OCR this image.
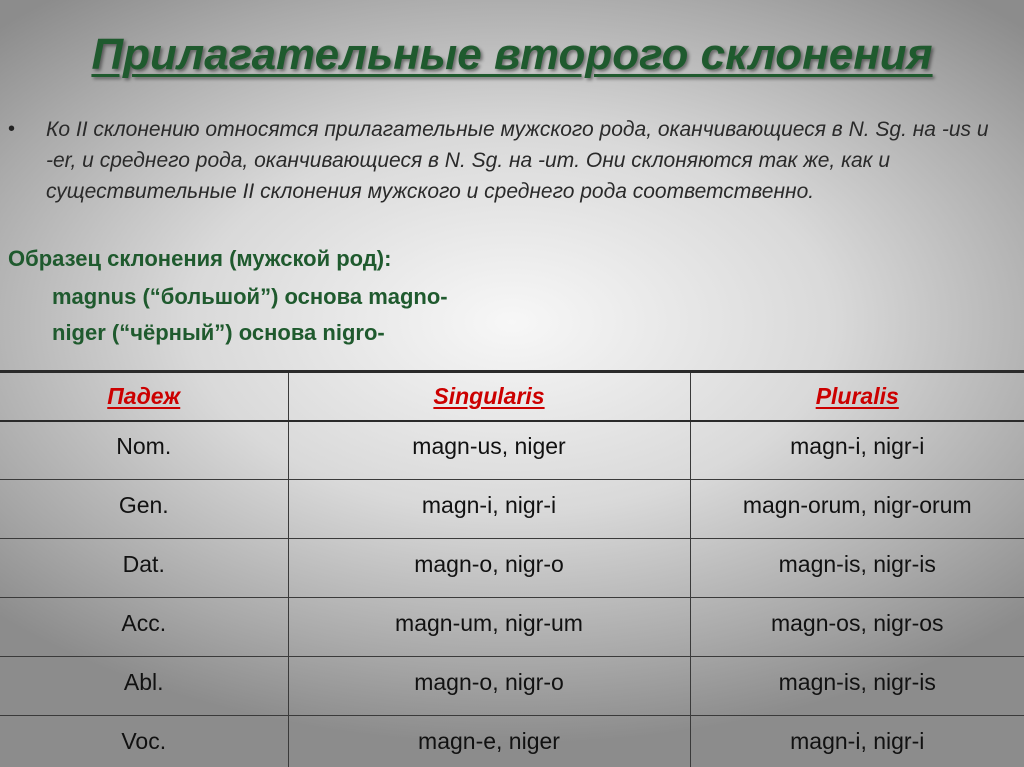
Прилагательные второго склонения
•	Ко II склонению относятся прилагательные мужского рода, оканчивающиеся в N. Sg. на -us и -er, и среднего рода, оканчивающиеся в N. Sg. на -um. Они склоняются так же, как и существительные II склонения мужского и среднего рода соответственно.
Образец склонения (мужской род):
magnus (“большой”) основа magno-
niger (“чёрный”) основа nigro-
Падеж	Singularis	Pluralis
Nom.	magn-us, niger	magn-i, nigr-i
Gen.	magn-i, nigr-i	magn-orum, nigr-orum
Dat.	magn-o, nigr-o	magn-is, nigr-is
Acc.	magn-um, nigr-um	magn-os, nigr-os
Abl.	magn-o, nigr-o	magn-is, nigr-is
Voc.	magn-e, niger	magn-i, nigr-i
